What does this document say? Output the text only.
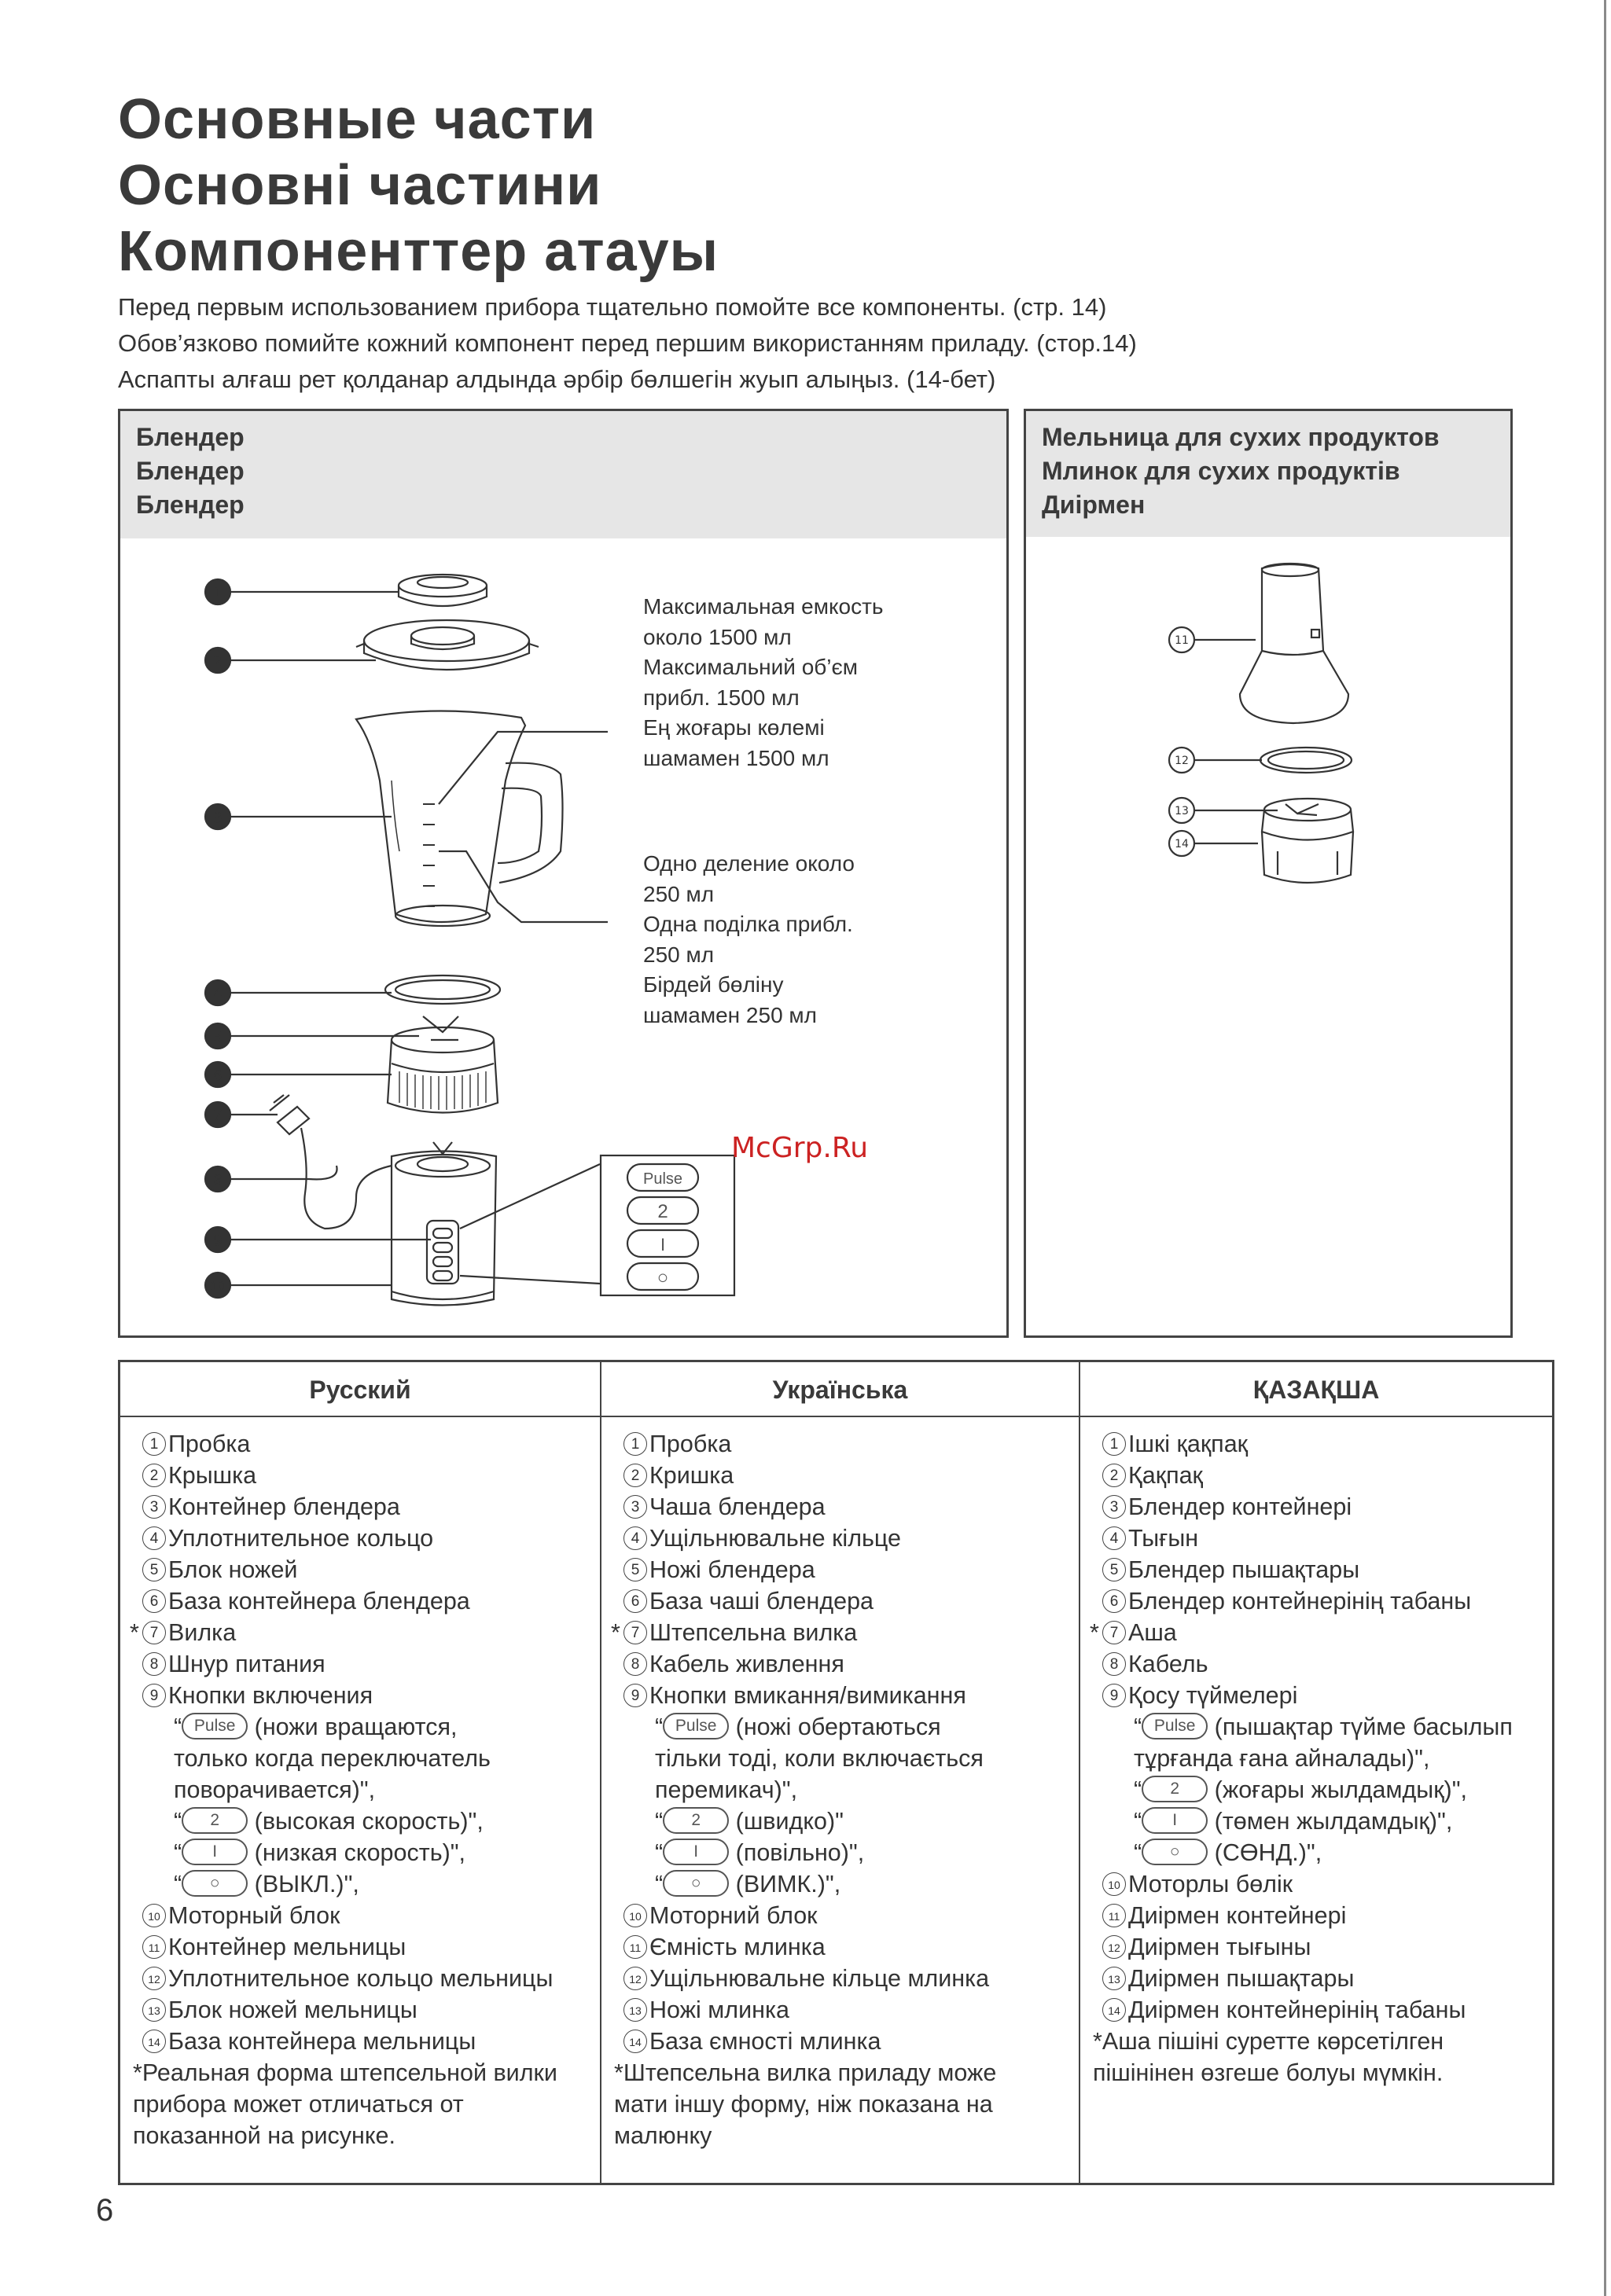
Основные части
Основні частини
Компоненттер атауы
Перед первым использованием прибора тщательно помойте все компоненты. (стр. 14)
Обов’язково помийте кожний компонент перед першим використанням приладу. (стор.14)
Аспапты алғаш рет қолданар алдында әрбір бөлшегін жуып алыңыз. (14-бет)
Блендер
Блендер
Блендер
Pulse
2
I
○
1
2
3
4
5
6
7
8
9
10
Максимальная емкость
около 1500 мл
Максимальний об’єм
прибл. 1500 мл
Ең жоғары көлемі
шамамен 1500 мл
Одно деление около
250 мл
Одна поділка прибл.
250 мл
Бірдей бөліну
шамамен 250 мл
McGrp.Ru
Мельница для сухих продуктов
Млинок для сухих продуктів
Диірмен
11
12
13
14
Русский
1 Пробка
2 Крышка
3 Контейнер блендера
4 Уплотнительное кольцо
5 Блок ножей
6 База контейнера блендера
* 7 Вилка
8 Шнур питания
9 Кнопки включения
“ Pulse (ножи вращаются,
только когда переключатель
поворачивается)",
“ 2 (высокая скорость)",
“ I (низкая скорость)",
“ ○ (ВЫКЛ.)",
10 Моторный блок
11 Контейнер мельницы
12 Уплотнительное кольцо мельницы
13 Блок ножей мельницы
14 База контейнера мельницы
*Реальная форма штепсельной вилки прибора может отличаться от показанной на рисунке.
Українська
1 Пробка
2 Кришка
3 Чаша блендера
4 Ущільнювальне кільце
5 Ножі блендера
6 База чаші блендера
* 7 Штепсельна вилка
8 Кабель живлення
9 Кнопки вмикання/вимикання
“ Pulse (ножі обертаються
тільки тоді, коли включається
перемикач)",
“ 2 (швидко)"
“ I (повільно)",
“ ○ (ВИМК.)",
10 Моторний блок
11 Ємність млинка
12 Ущільнювальне кільце млинка
13 Ножі млинка
14 База ємності млинка
*Штепсельна вилка приладу може мати іншу форму, ніж показана на малюнку
ҚАЗАҚША
1 Ішкі қақпақ
2 Қақпақ
3 Блендер контейнері
4 Тығын
5 Блендер пышақтары
6 Блендер контейнерінің табаны
* 7 Аша
8 Кабель
9 Қосу түймелері
“ Pulse (пышақтар түйме басылып
тұрғанда ғана айналады)",
“ 2 (жоғары жылдамдық)",
“ I (төмен жылдамдық)",
“ ○ (СӨНД.)",
10 Моторлы бөлік
11 Диірмен контейнері
12 Диірмен тығыны
13 Диірмен пышақтары
14 Диірмен контейнерінің табаны
*Аша пішіні суретте көрсетілген пішінінен өзгеше болуы мүмкін.
6
